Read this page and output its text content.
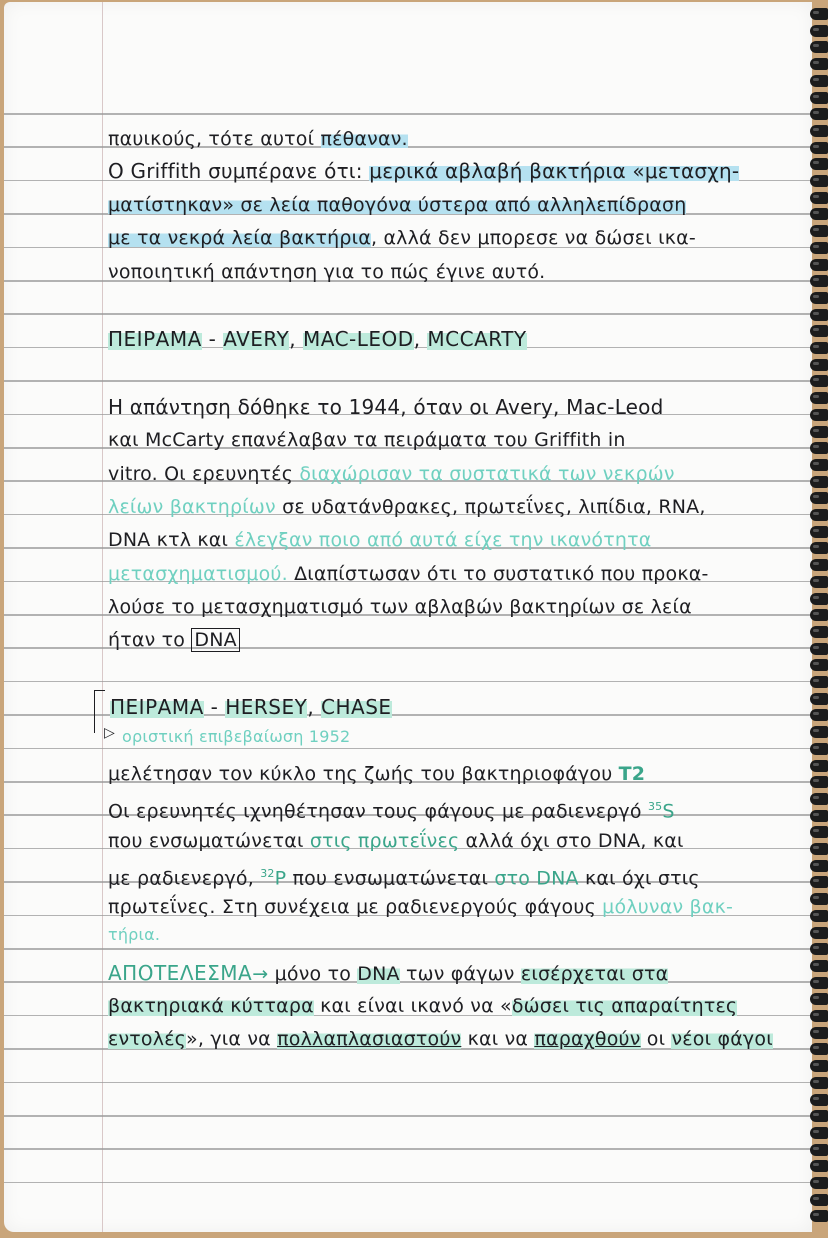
παυικούς, τότε αυτοί πέθαναν.
Ο Griffith συμπέρανε ότι: μερικά αβλαβή βακτήρια «μετασχη-
ματίστηκαν» σε λεία παθογόνα ύστερα από αλληλεπίδραση
με τα νεκρά λεία βακτήρια, αλλά δεν μπορεσε να δώσει ικα-
νοποιητική απάντηση για το πώς έγινε αυτό.
ΠΕΙΡΑΜΑ - AVERY, MAC-LEOD, MCCARTY
Η απάντηση δόθηκε το 1944, όταν οι Avery, Mac-Leod
και McCarty επανέλαβαν τα πειράματα του Griffith in
vitro. Οι ερευνητές διαχώρισαν τα συστατικά των νεκρών
λείων βακτηρίων σε υδατάνθρακες, πρωτεΐνες, λιπίδια, RNA,
DNA κτλ και έλεγξαν ποιο από αυτά είχε την ικανότητα
μετασχηματισμού. Διαπίστωσαν ότι το συστατικό που προκα-
λούσε το μετασχηματισμό των αβλαβών βακτηρίων σε λεία
ήταν το DNA
▷
ΠΕΙΡΑΜΑ - HERSEY, CHASE
οριστική επιβεβαίωση 1952
μελέτησαν τον κύκλο της ζωής του βακτηριοφάγου T2
Οι ερευνητές ιχνηθέτησαν τους φάγους με ραδιενεργό $^{35}$S
που ενσωματώνεται στις πρωτεΐνες αλλά όχι στο DNA, και
με ραδιενεργό, $^{32}$P που ενσωματώνεται στο DNA και όχι στις
πρωτεΐνες. Στη συνέχεια με ραδιενεργούς φάγους μόλυναν βακ-
τήρια.
ΑΠΟΤΕΛΕΣΜΑ→ μόνο το DNA των φάγων εισέρχεται στα
βακτηριακά κύτταρα και είναι ικανό να «δώσει τις απαραίτητες
εντολές», για να πολλαπλασιαστούν και να παραχθούν οι νέοι φάγοι
